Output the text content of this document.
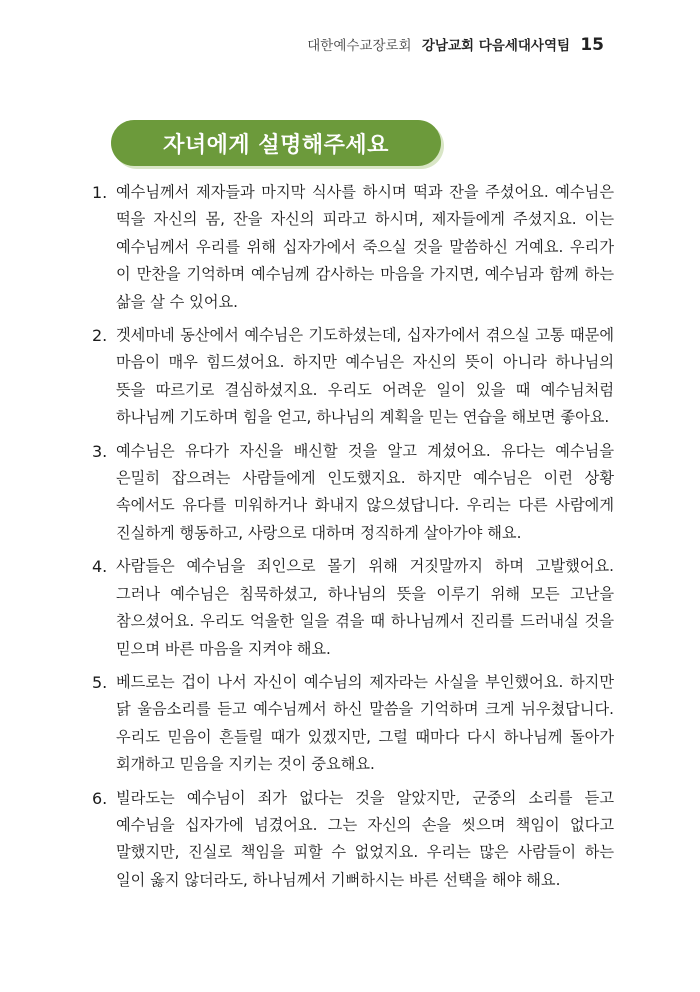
대한예수교장로회 강남교회 다음세대사역팀 15
자녀에게 설명해주세요
1. 예수님께서 제자들과 마지막 식사를 하시며 떡과 잔을 주셨어요. 예수님은 떡을 자신의 몸, 잔을 자신의 피라고 하시며, 제자들에게 주셨지요. 이는 예수님께서 우리를 위해 십자가에서 죽으실 것을 말씀하신 거예요. 우리가 이 만찬을 기억하며 예수님께 감사하는 마음을 가지면, 예수님과 함께 하는 삶을 살 수 있어요.
2. 겟세마네 동산에서 예수님은 기도하셨는데, 십자가에서 겪으실 고통 때문에 마음이 매우 힘드셨어요. 하지만 예수님은 자신의 뜻이 아니라 하나님의 뜻을 따르기로 결심하셨지요. 우리도 어려운 일이 있을 때 예수님처럼 하나님께 기도하며 힘을 얻고, 하나님의 계획을 믿는 연습을 해보면 좋아요.
3. 예수님은 유다가 자신을 배신할 것을 알고 계셨어요. 유다는 예수님을 은밀히 잡으려는 사람들에게 인도했지요. 하지만 예수님은 이런 상황 속에서도 유다를 미워하거나 화내지 않으셨답니다. 우리는 다른 사람에게 진실하게 행동하고, 사랑으로 대하며 정직하게 살아가야 해요.
4. 사람들은 예수님을 죄인으로 몰기 위해 거짓말까지 하며 고발했어요. 그러나 예수님은 침묵하셨고, 하나님의 뜻을 이루기 위해 모든 고난을 참으셨어요. 우리도 억울한 일을 겪을 때 하나님께서 진리를 드러내실 것을 믿으며 바른 마음을 지켜야 해요.
5. 베드로는 겁이 나서 자신이 예수님의 제자라는 사실을 부인했어요. 하지만 닭 울음소리를 듣고 예수님께서 하신 말씀을 기억하며 크게 뉘우쳤답니다. 우리도 믿음이 흔들릴 때가 있겠지만, 그럴 때마다 다시 하나님께 돌아가 회개하고 믿음을 지키는 것이 중요해요.
6. 빌라도는 예수님이 죄가 없다는 것을 알았지만, 군중의 소리를 듣고 예수님을 십자가에 넘겼어요. 그는 자신의 손을 씻으며 책임이 없다고 말했지만, 진실로 책임을 피할 수 없었지요. 우리는 많은 사람들이 하는 일이 옳지 않더라도, 하나님께서 기뻐하시는 바른 선택을 해야 해요.
